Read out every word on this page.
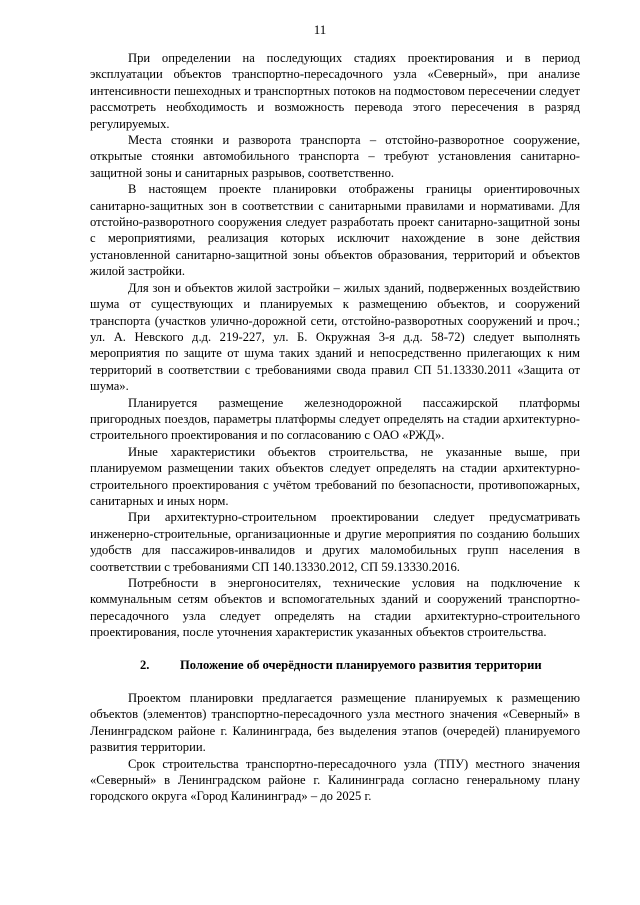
11

При определении на последующих стадиях проектирования и в период эксплуатации объектов транспортно-пересадочного узла «Северный», при анализе интенсивности пешеходных и транспортных потоков на подмостовом пересечении следует рассмотреть необходимость и возможность перевода этого пересечения в разряд регулируемых.

Места стоянки и разворота транспорта – отстойно-разворотное сооружение, открытые стоянки автомобильного транспорта – требуют установления санитарно-защитной зоны и санитарных разрывов, соответственно.

В настоящем проекте планировки отображены границы ориентировочных санитарно-защитных зон в соответствии с санитарными правилами и нормативами. Для отстойно-разворотного сооружения следует разработать проект санитарно-защитной зоны с мероприятиями, реализация которых исключит нахождение в зоне действия установленной санитарно-защитной зоны объектов образования, территорий и объектов жилой застройки.

Для зон и объектов жилой застройки – жилых зданий, подверженных воздействию шума от существующих и планируемых к размещению объектов, и сооружений транспорта (участков улично-дорожной сети, отстойно-разворотных сооружений и проч.; ул. А. Невского д.д. 219-227, ул. Б. Окружная 3-я д.д. 58-72) следует выполнять мероприятия по защите от шума таких зданий и непосредственно прилегающих к ним территорий в соответствии с требованиями свода правил СП 51.13330.2011 «Защита от шума».

Планируется размещение железнодорожной пассажирской платформы пригородных поездов, параметры платформы следует определять на стадии архитектурно-строительного проектирования и по согласованию с ОАО «РЖД».

Иные характеристики объектов строительства, не указанные выше, при планируемом размещении таких объектов следует определять на стадии архитектурно-строительного проектирования с учётом требований по безопасности, противопожарных, санитарных и иных норм.

При архитектурно-строительном проектировании следует предусматривать инженерно-строительные, организационные и другие мероприятия по созданию больших удобств для пассажиров-инвалидов и других маломобильных групп населения в соответствии с требованиями СП 140.13330.2012, СП 59.13330.2016.

Потребности в энергоносителях, технические условия на подключение к коммунальным сетям объектов и вспомогательных зданий и сооружений транспортно-пересадочного узла следует определять на стадии архитектурно-строительного проектирования, после уточнения характеристик указанных объектов строительства.

2.	Положение об очерёдности планируемого развития территории

Проектом планировки предлагается размещение планируемых к размещению объектов (элементов) транспортно-пересадочного узла местного значения «Северный» в Ленинградском районе г. Калининграда, без выделения этапов (очередей) планируемого развития территории.

Срок строительства транспортно-пересадочного узла (ТПУ) местного значения «Северный» в Ленинградском районе г. Калининграда согласно генеральному плану городского округа «Город Калининград» – до 2025 г.
